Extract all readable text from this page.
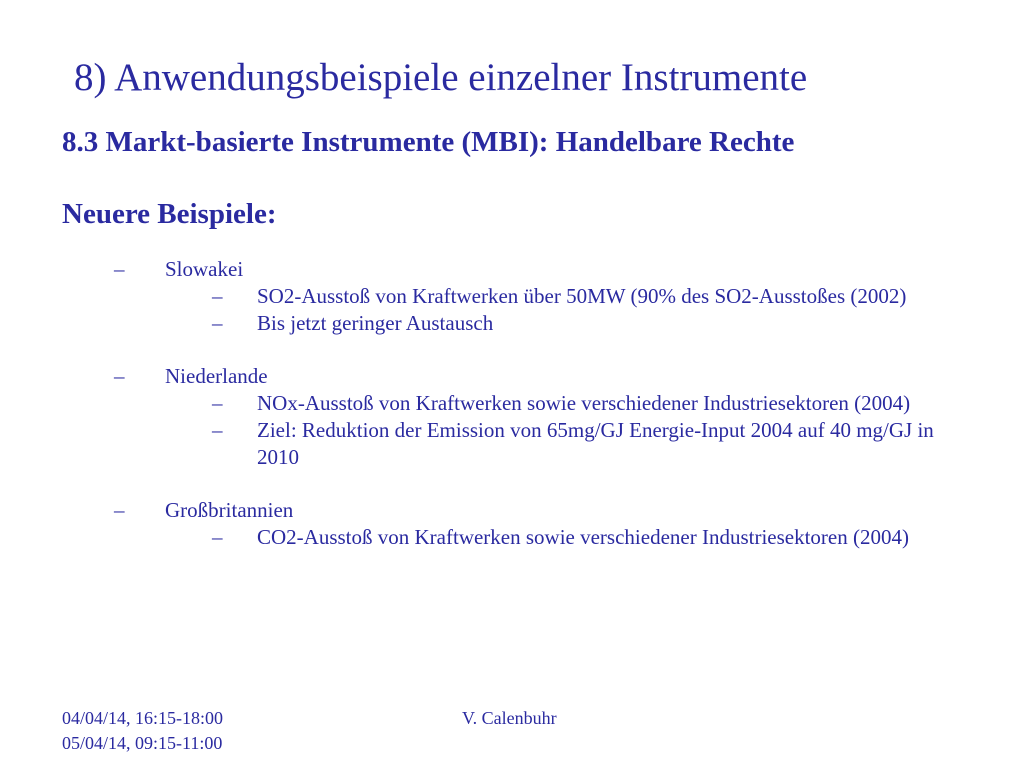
8) Anwendungsbeispiele einzelner Instrumente
8.3 Markt-basierte Instrumente (MBI): Handelbare Rechte
Neuere Beispiele:
– Slowakei
– SO2-Ausstoß von Kraftwerken über 50MW (90% des SO2-Ausstoßes (2002)
– Bis jetzt geringer Austausch
– Niederlande
– NOx-Ausstoß von Kraftwerken sowie verschiedener Industriesektoren (2004)
– Ziel: Reduktion der Emission von 65mg/GJ Energie-Input 2004 auf 40 mg/GJ in 2010
– Großbritannien
– CO2-Ausstoß von Kraftwerken sowie verschiedener Industriesektoren (2004)
04/04/14, 16:15-18:00
05/04/14, 09:15-11:00
V. Calenbuhr
